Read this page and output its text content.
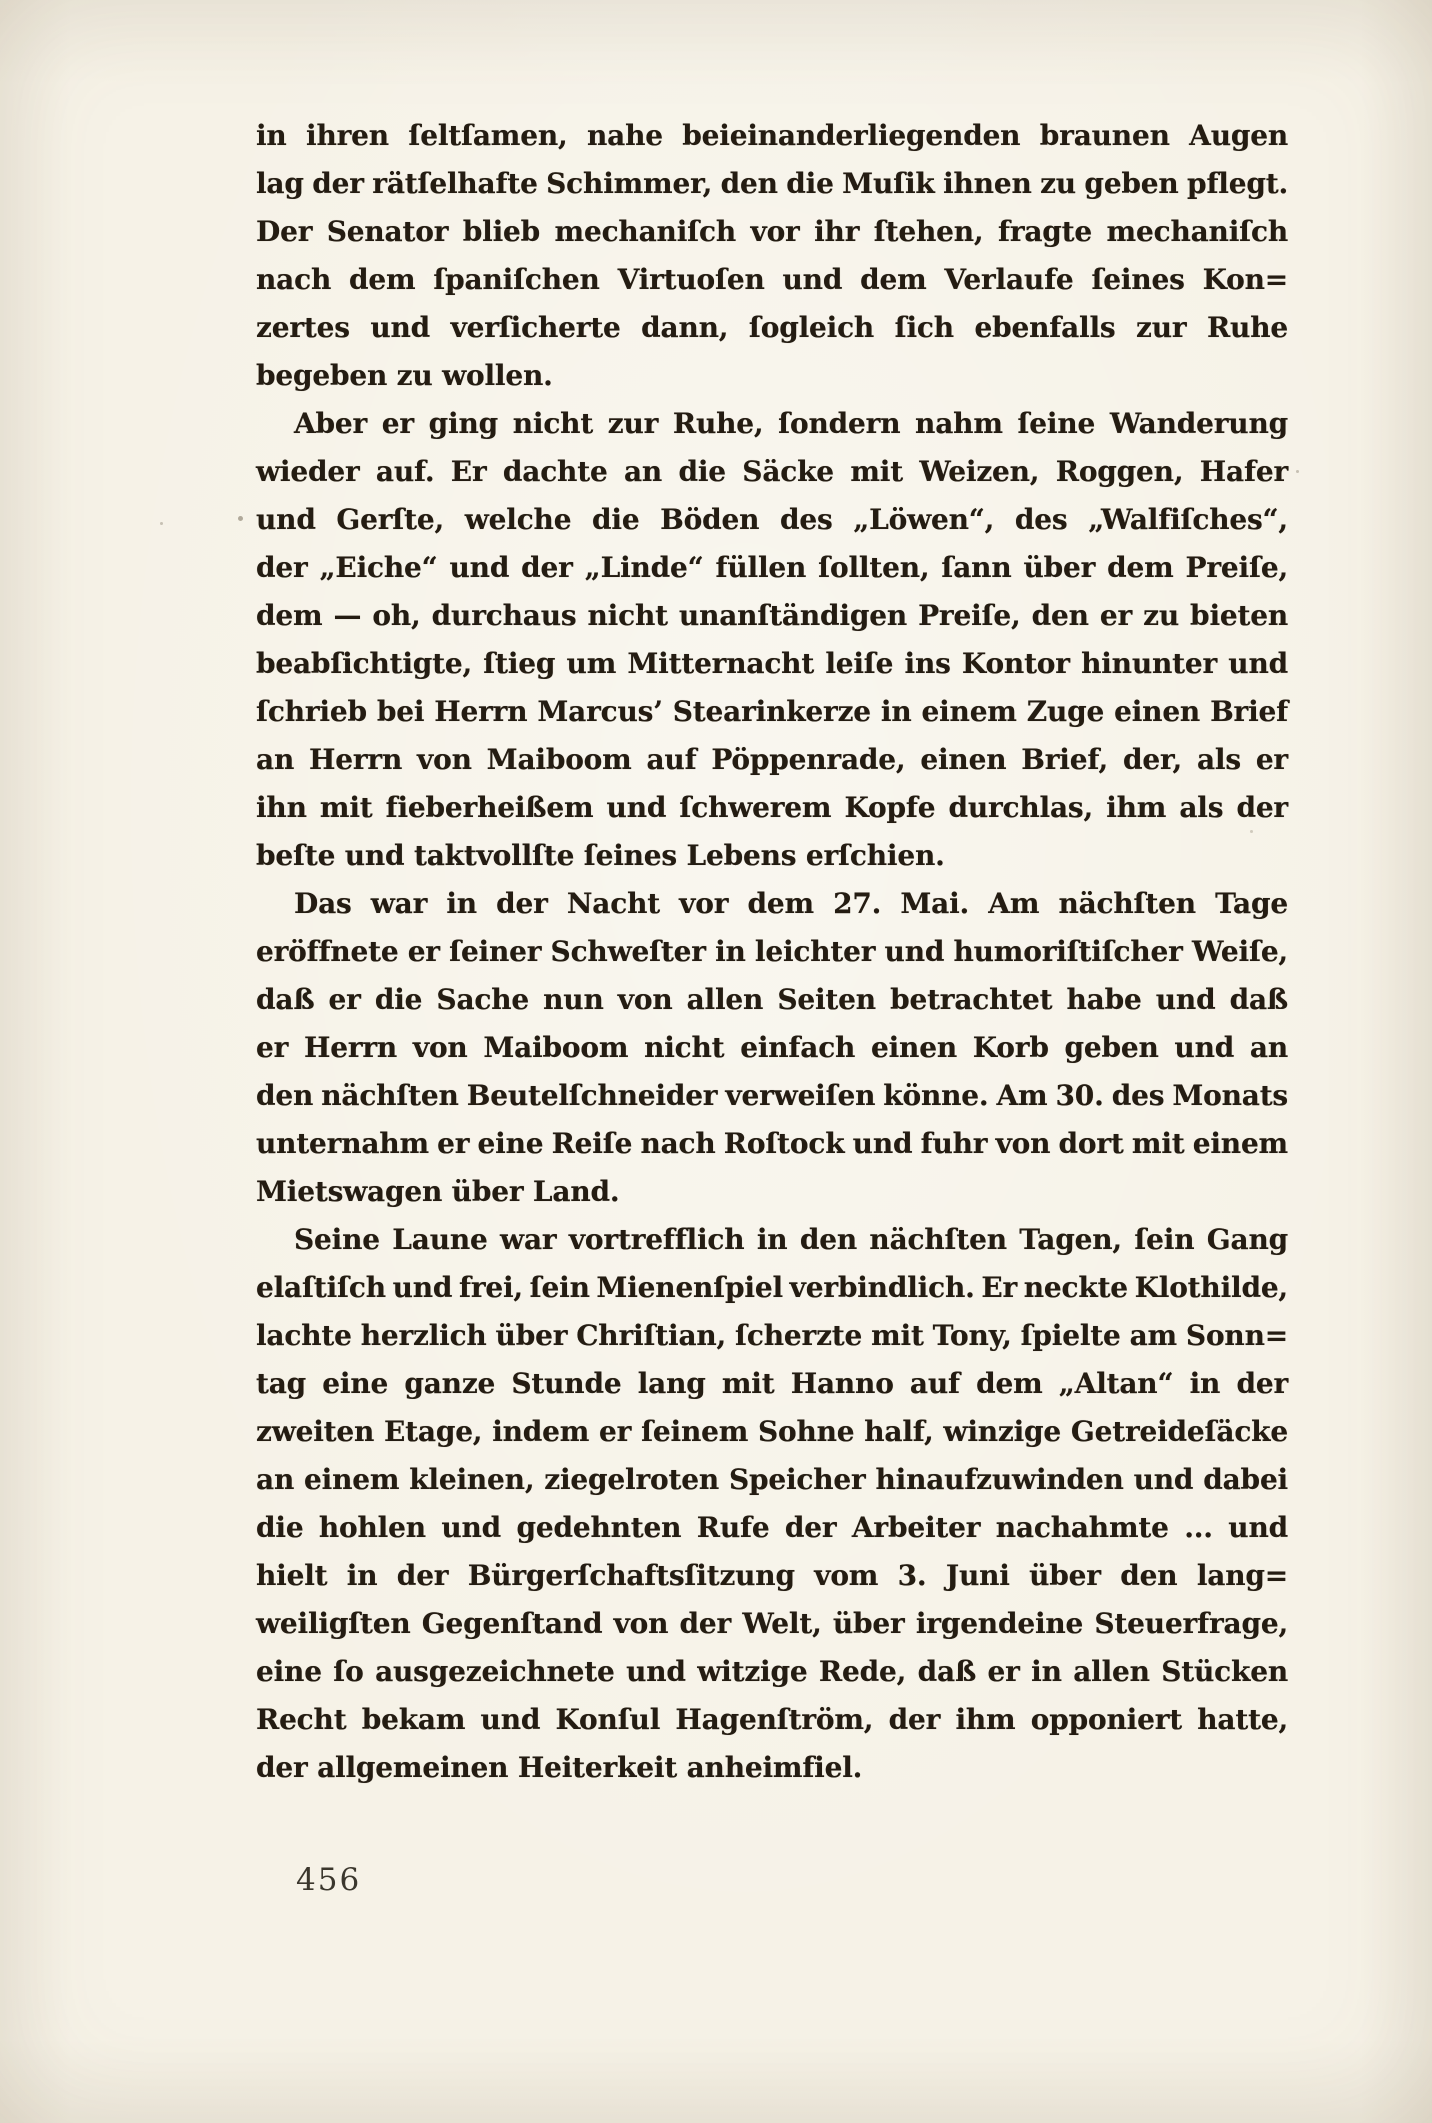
in ihren ſeltſamen, nahe beieinanderliegenden braunen Augen
lag der rätſelhafte Schimmer, den die Muſik ihnen zu geben pflegt.
Der Senator blieb mechaniſch vor ihr ſtehen, fragte mechaniſch
nach dem ſpaniſchen Virtuoſen und dem Verlaufe ſeines Kon=
zertes und verſicherte dann, ſogleich ſich ebenfalls zur Ruhe
begeben zu wollen.
Aber er ging nicht zur Ruhe, ſondern nahm ſeine Wanderung
wieder auf. Er dachte an die Säcke mit Weizen, Roggen, Hafer
und Gerſte, welche die Böden des „Löwen“, des „Walfiſches“,
der „Eiche“ und der „Linde“ füllen ſollten, ſann über dem Preiſe,
dem — oh, durchaus nicht unanſtändigen Preiſe, den er zu bieten
beabſichtigte, ſtieg um Mitternacht leiſe ins Kontor hinunter und
ſchrieb bei Herrn Marcus’ Stearinkerze in einem Zuge einen Brief
an Herrn von Maiboom auf Pöppenrade, einen Brief, der, als er
ihn mit fieberheißem und ſchwerem Kopfe durchlas, ihm als der
beſte und taktvollſte ſeines Lebens erſchien.
Das war in der Nacht vor dem 27. Mai. Am nächſten Tage
eröffnete er ſeiner Schweſter in leichter und humoriſtiſcher Weiſe,
daß er die Sache nun von allen Seiten betrachtet habe und daß
er Herrn von Maiboom nicht einfach einen Korb geben und an
den nächſten Beutelſchneider verweiſen könne. Am 30. des Monats
unternahm er eine Reiſe nach Roſtock und fuhr von dort mit einem
Mietswagen über Land.
Seine Laune war vortrefflich in den nächſten Tagen, ſein Gang
elaſtiſch und frei, ſein Mienenſpiel verbindlich. Er neckte Klothilde,
lachte herzlich über Chriſtian, ſcherzte mit Tony, ſpielte am Sonn=
tag eine ganze Stunde lang mit Hanno auf dem „Altan“ in der
zweiten Etage, indem er ſeinem Sohne half, winzige Getreideſäcke
an einem kleinen, ziegelroten Speicher hinaufzuwinden und dabei
die hohlen und gedehnten Rufe der Arbeiter nachahmte ... und
hielt in der Bürgerſchaftsſitzung vom 3. Juni über den lang=
weiligſten Gegenſtand von der Welt, über irgendeine Steuerfrage,
eine ſo ausgezeichnete und witzige Rede, daß er in allen Stücken
Recht bekam und Konſul Hagenſtröm, der ihm opponiert hatte,
der allgemeinen Heiterkeit anheimfiel.
456
